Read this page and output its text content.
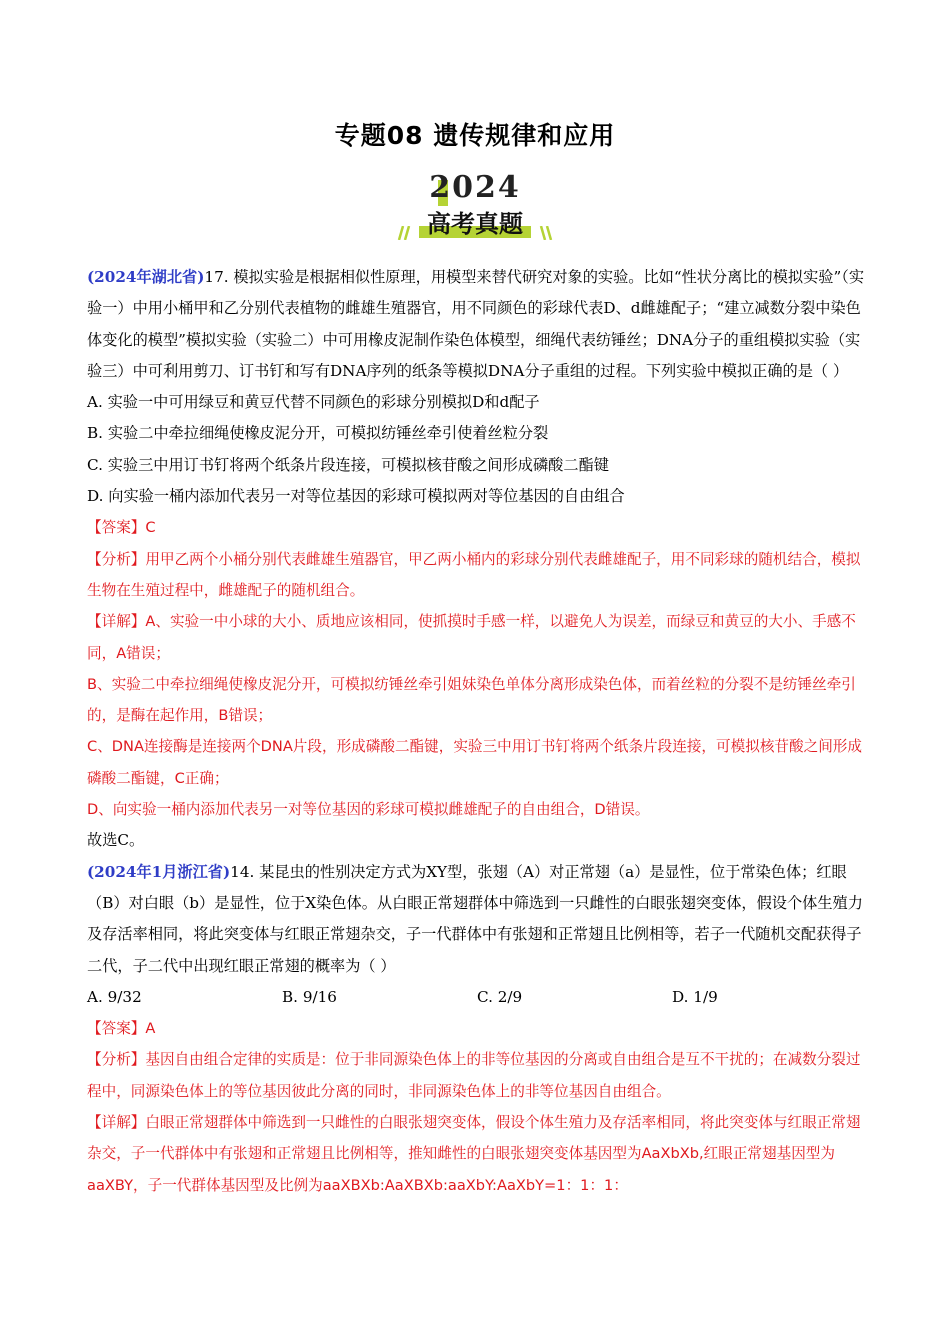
专题08 遗传规律和应用
2024
高考真题

(2024年湖北省)17. 模拟实验是根据相似性原理，用模型来替代研究对象的实验。比如“性状分离比的模拟实验”（实验一）中用小桶甲和乙分别代表植物的雌雄生殖器官，用不同颜色的彩球代表D、d雌雄配子；“建立减数分裂中染色体变化的模型”模拟实验（实验二）中可用橡皮泥制作染色体模型，细绳代表纺锤丝；DNA分子的重组模拟实验（实验三）中可利用剪刀、订书钉和写有DNA序列的纸条等模拟DNA分子重组的过程。下列实验中模拟正确的是（ ）

A. 实验一中可用绿豆和黄豆代替不同颜色的彩球分别模拟D和d配子

B. 实验二中牵拉细绳使橡皮泥分开，可模拟纺锤丝牵引使着丝粒分裂

C. 实验三中用订书钉将两个纸条片段连接，可模拟核苷酸之间形成磷酸二酯键

D. 向实验一桶内添加代表另一对等位基因的彩球可模拟两对等位基因的自由组合

【答案】C

【分析】用甲乙两个小桶分别代表雌雄生殖器官，甲乙两小桶内的彩球分别代表雌雄配子，用不同彩球的随机结合，模拟生物在生殖过程中，雌雄配子的随机组合。

【详解】A、实验一中小球的大小、质地应该相同，使抓摸时手感一样，以避免人为误差，而绿豆和黄豆的大小、手感不同，A错误；

B、实验二中牵拉细绳使橡皮泥分开，可模拟纺锤丝牵引姐妹染色单体分离形成染色体，而着丝粒的分裂不是纺锤丝牵引的，是酶在起作用，B错误；

C、DNA连接酶是连接两个DNA片段，形成磷酸二酯键，实验三中用订书钉将两个纸条片段连接，可模拟核苷酸之间形成磷酸二酯键，C正确；

D、向实验一桶内添加代表另一对等位基因的彩球可模拟雌雄配子的自由组合，D错误。

故选C。

(2024年1月浙江省)14. 某昆虫的性别决定方式为XY型，张翅（A）对正常翅（a）是显性，位于常染色体；红眼（B）对白眼（b）是显性，位于X染色体。从白眼正常翅群体中筛选到一只雌性的白眼张翅突变体，假设个体生殖力及存活率相同，将此突变体与红眼正常翅杂交，子一代群体中有张翅和正常翅且比例相等，若子一代随机交配获得子二代，子二代中出现红眼正常翅的概率为（ ）

A. 9/32	B. 9/16	C. 2/9	D. 1/9

【答案】A

【分析】基因自由组合定律的实质是：位于非同源染色体上的非等位基因的分离或自由组合是互不干扰的；在减数分裂过程中，同源染色体上的等位基因彼此分离的同时，非同源染色体上的非等位基因自由组合。

【详解】白眼正常翅群体中筛选到一只雌性的白眼张翅突变体，假设个体生殖力及存活率相同，将此突变体与红眼正常翅杂交，子一代群体中有张翅和正常翅且比例相等，推知雌性的白眼张翅突变体基因型为AaXbXb,红眼正常翅基因型为aaXBY，子一代群体基因型及比例为aaXBXb:AaXBXb:aaXbY:AaXbY=1：1：1：
